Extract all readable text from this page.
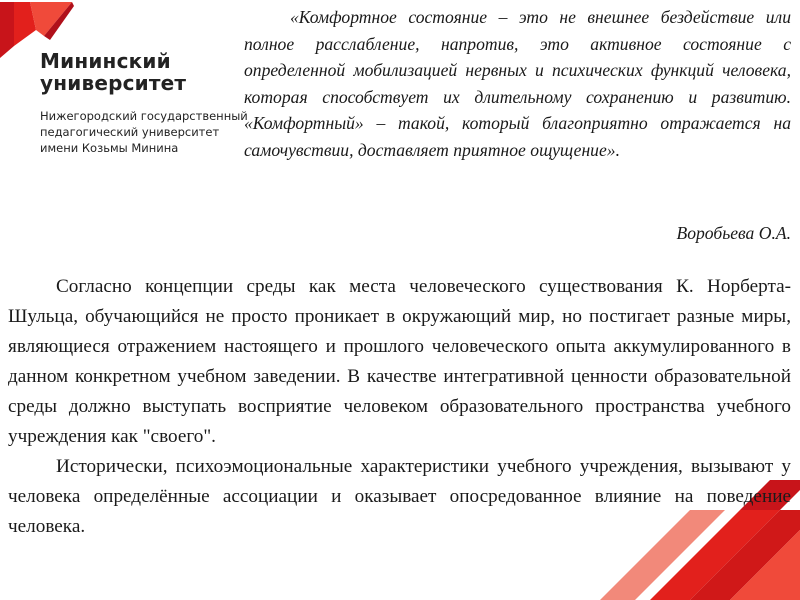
Мининский
университет
Нижегородский государственный
педагогический университет
имени Козьмы Минина

«Комфортное состояние – это не внешнее бездействие или полное расслабление, напротив, это активное состояние с определенной мобилизацией нервных и психических функций человека, которая способствует их длительному сохранению и развитию. «Комфортный» – такой, который благоприятно отражается на самочувствии, доставляет приятное ощущение».

Воробьева О.А.

Согласно концепции среды как места человеческого существования К. Норберта-Шульца, обучающийся не просто проникает в окружающий мир, но постигает разные миры, являющиеся отражением настоящего и прошлого человеческого опыта аккумулированного в данном конкретном учебном заведении. В качестве интегративной ценности образовательной среды должно выступать восприятие человеком образовательного пространства учебного учреждения как "своего".

Исторически, психоэмоциональные характеристики учебного учреждения, вызывают у человека определённые ассоциации и оказывает опосредованное влияние на поведение человека.
